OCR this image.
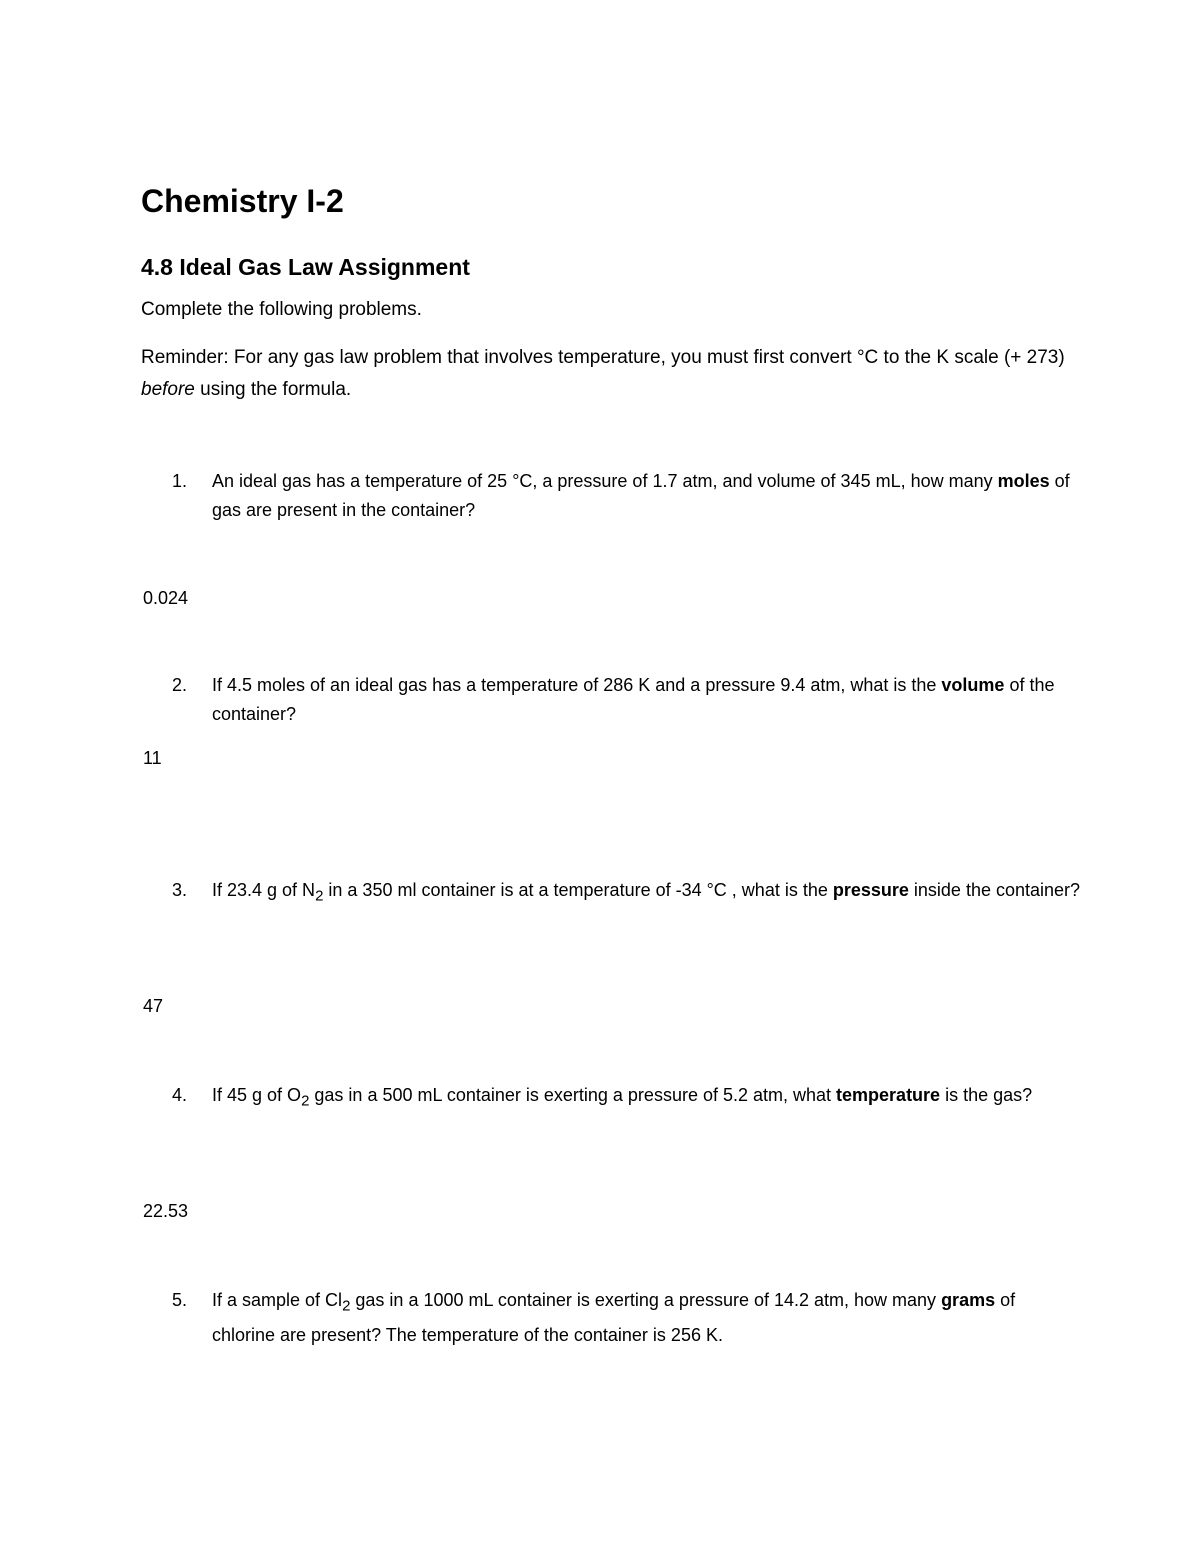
Chemistry I-2
4.8 Ideal Gas Law Assignment

Complete the following problems.

Reminder: For any gas law problem that involves temperature, you must first convert °C to the K scale (+ 273) before using the formula.

1. An ideal gas has a temperature of 25 °C, a pressure of 1.7 atm, and volume of 345 mL, how many moles of gas are present in the container?

0.024
2. If 4.5 moles of an ideal gas has a temperature of 286 K and a pressure 9.4 atm, what is the volume of the container?

11
3. If 23.4 g of $N_2$ in a 350 ml container is at a temperature of -34 °C , what is the pressure inside the container?

47
4. If 45 g of $O_2$ gas in a 500 mL container is exerting a pressure of 5.2 atm, what temperature is the gas?

22.53
5. If a sample of $Cl_2$ gas in a 1000 mL container is exerting a pressure of 14.2 atm, how many grams of chlorine are present? The temperature of the container is 256 K.
